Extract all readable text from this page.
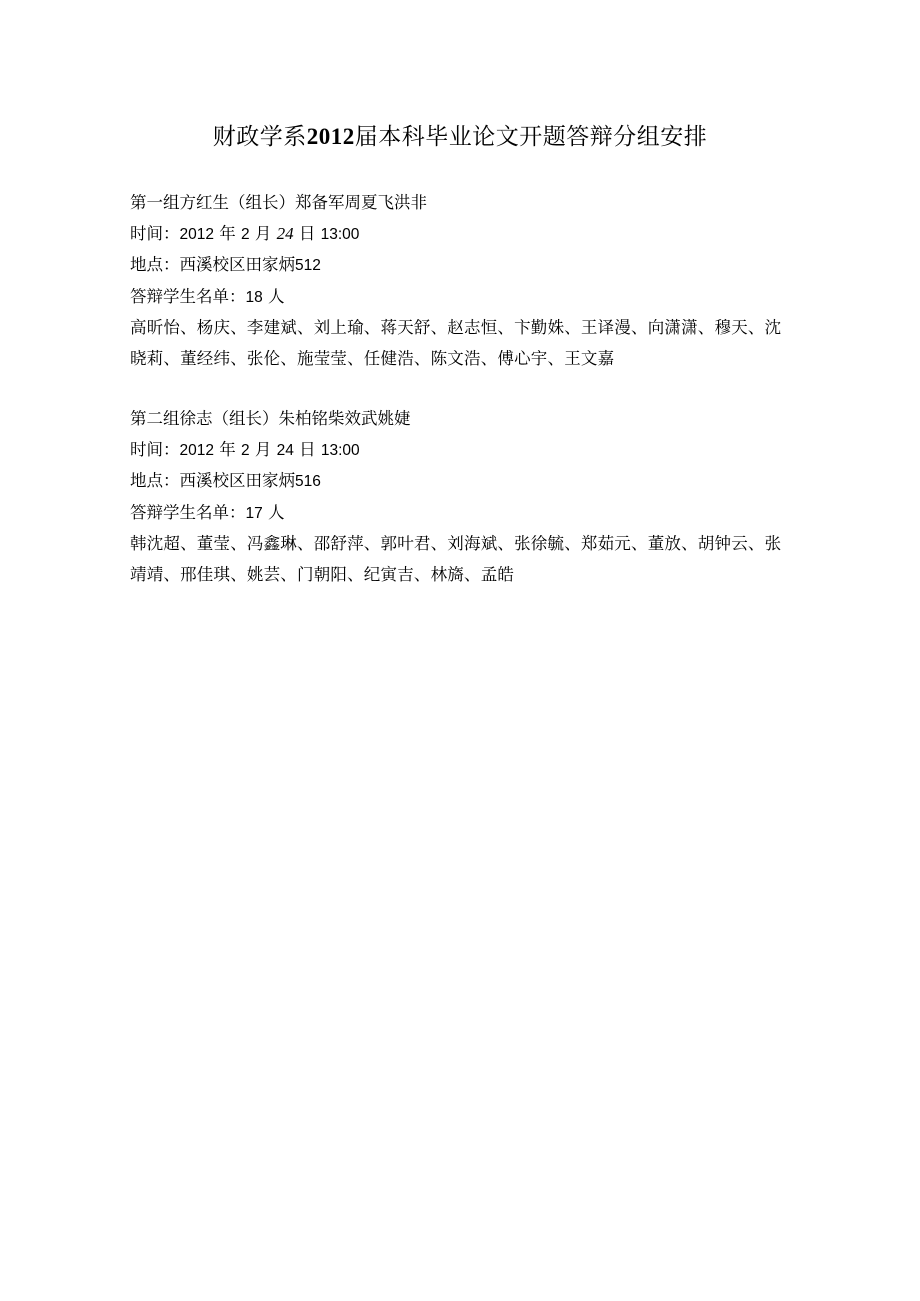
财政学系2012届本科毕业论文开题答辩分组安排
第一组方红生（组长）郑备军周夏飞洪非
时间：2012 年 2 月 24 日 13:00
地点：西溪校区田家炳512
答辩学生名单：18 人
高昕怡、杨庆、李建斌、刘上瑜、蒋天舒、赵志恒、卞勤姝、王译漫、向潇潇、穆天、沈晓莉、董经纬、张伦、施莹莹、任健浩、陈文浩、傅心宇、王文嘉
第二组徐志（组长）朱柏铭柴效武姚婕
时间：2012 年 2 月 24 日 13:00
地点：西溪校区田家炳516
答辩学生名单：17 人
韩沈超、董莹、冯鑫琳、邵舒萍、郭叶君、刘海斌、张徐毓、郑茹元、董放、胡钟云、张靖靖、邢佳琪、姚芸、门朝阳、纪寅吉、林旖、孟皓
